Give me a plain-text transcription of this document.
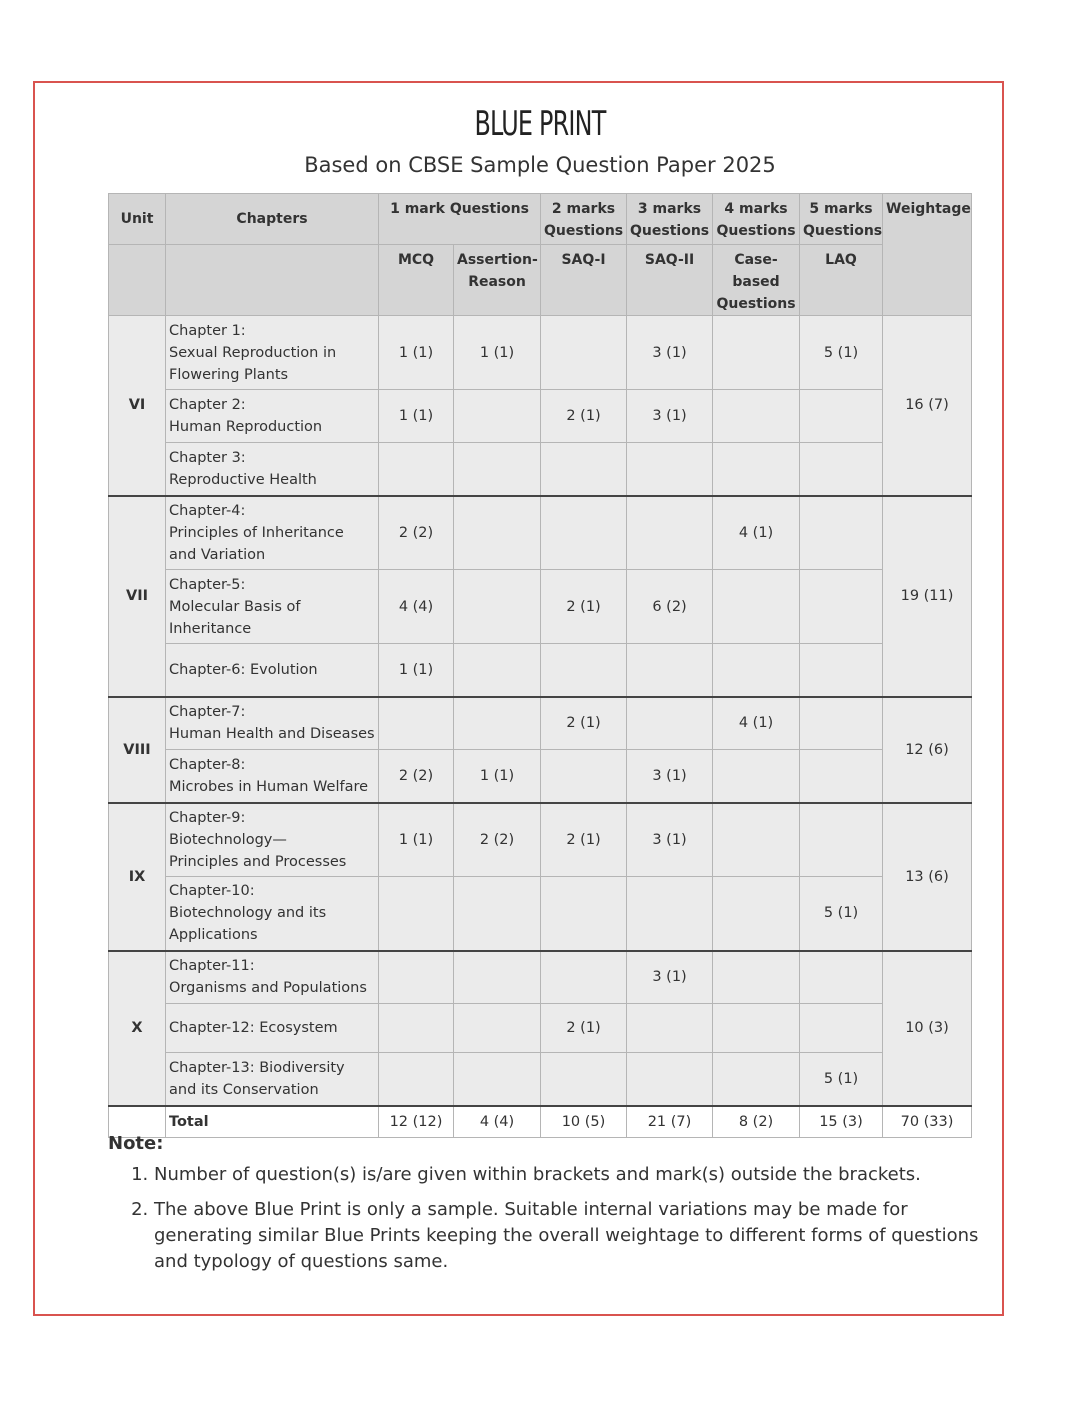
BLUE PRINT
Based on CBSE Sample Question Paper 2025
Unit	Chapters	1 mark Questions		2 marks Questions	3 marks Questions	4 marks Questions	5 marks Questions	Weightage
		MCQ	Assertion-Reason	SAQ-I	SAQ-II	Case-based Questions	LAQ	
VI	Chapter 1:
Sexual Reproduction in
Flowering Plants	1 (1)	1 (1)		3 (1)		5 (1)	16 (7)

	Chapter 2:
Human Reproduction	1 (1)		2 (1)	3 (1)			

	Chapter 3:
Reproductive Health							

VII	Chapter-4:
Principles of Inheritance
and Variation	2 (2)				4 (1)		19 (11)

	Chapter-5:
Molecular Basis of
Inheritance	4 (4)		2 (1)	6 (2)			

	Chapter-6: Evolution	1 (1)						
VIII	Chapter-7:
Human Health and Diseases			2 (1)		4 (1)		12 (6)

	Chapter-8:
Microbes in Human Welfare	2 (2)	1 (1)		3 (1)			
IX	Chapter-9:
Biotechnology—
Principles and Processes	1 (1)	2 (2)	2 (1)	3 (1)			13 (6)

	Chapter-10:
Biotechnology and its
Applications						5 (1)	
X	Chapter-11:
Organisms and Populations				3 (1)			10 (3)

	Chapter-12: Ecosystem			2 (1)				

	Chapter-13: Biodiversity
and its Conservation						5 (1)	
	Total	12 (12)	4 (4)	10 (5)	21 (7)	8 (2)	15 (3)	70 (33)
Note:
1. Number of question(s) is/are given within brackets and mark(s) outside the brackets.
2. The above Blue Print is only a sample. Suitable internal variations may be made for generating similar Blue Prints keeping the overall weightage to different forms of questions and typology of questions same.
